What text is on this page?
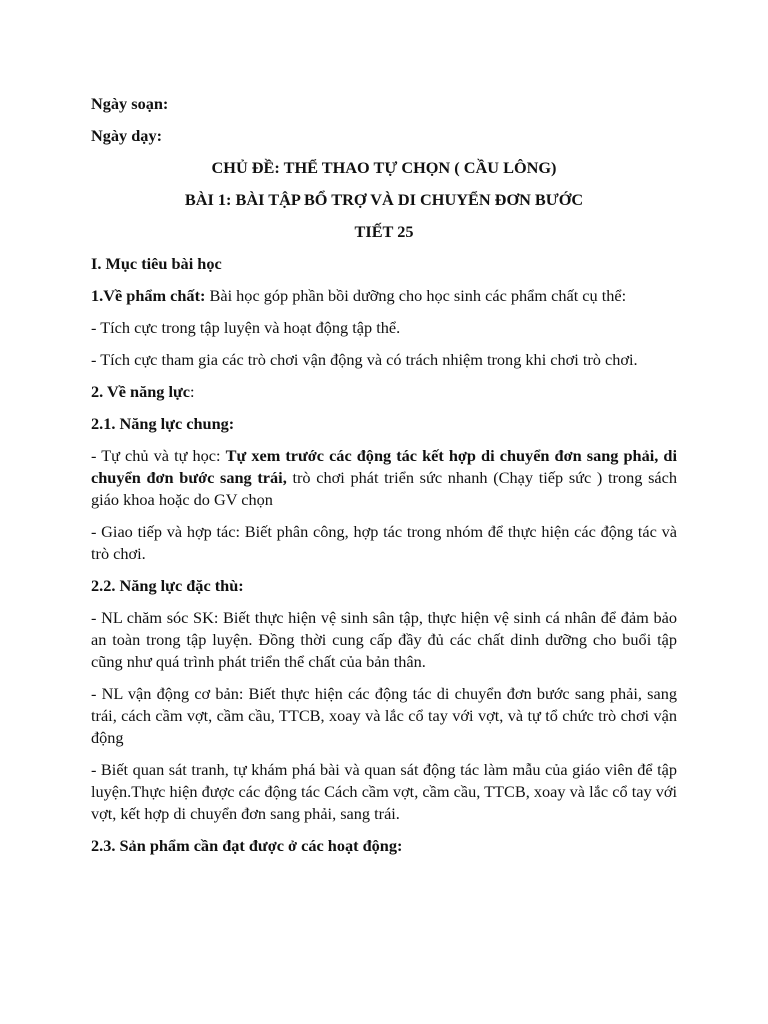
Ngày soạn:

Ngày dạy:

CHỦ ĐỀ: THỂ THAO TỰ CHỌN ( CẦU LÔNG)

BÀI 1: BÀI TẬP BỔ TRỢ VÀ DI CHUYỂN ĐƠN BƯỚC

TIẾT 25

I. Mục tiêu bài học

1.Về phẩm chất: Bài học góp phần bồi dưỡng cho học sinh các phẩm chất cụ thể:

- Tích cực trong tập luyện và hoạt động tập thể.

- Tích cực tham gia các trò chơi vận động và có trách nhiệm trong khi chơi trò chơi.

2. Về năng lực:

2.1. Năng lực chung:

- Tự chủ và tự học: Tự xem trước các động tác kết hợp di chuyển đơn sang phải, di chuyển đơn bước sang trái, trò chơi phát triển sức nhanh (Chạy tiếp sức ) trong sách giáo khoa hoặc do GV chọn

- Giao tiếp và hợp tác: Biết phân công, hợp tác trong nhóm để thực hiện các động tác và trò chơi.

2.2. Năng lực đặc thù:

- NL chăm sóc SK: Biết thực hiện vệ sinh sân tập, thực hiện vệ sinh cá nhân để đảm bảo an toàn trong tập luyện. Đồng thời cung cấp đầy đủ các chất dinh dưỡng cho buổi tập cũng như quá trình phát triển thể chất của bản thân.

- NL vận động cơ bản: Biết thực hiện các động tác di chuyển đơn bước sang phải, sang trái, cách cầm vợt, cầm cầu, TTCB, xoay và lắc cổ tay với vợt, và tự tổ chức trò chơi vận động

- Biết quan sát tranh, tự khám phá bài và quan sát động tác làm mẫu của giáo viên để tập luyện.Thực hiện được các động tác Cách cầm vợt, cầm cầu, TTCB, xoay và lắc cổ tay với vợt, kết hợp di chuyển đơn sang phải, sang trái.

2.3. Sản phẩm cần đạt được ở các hoạt động:
